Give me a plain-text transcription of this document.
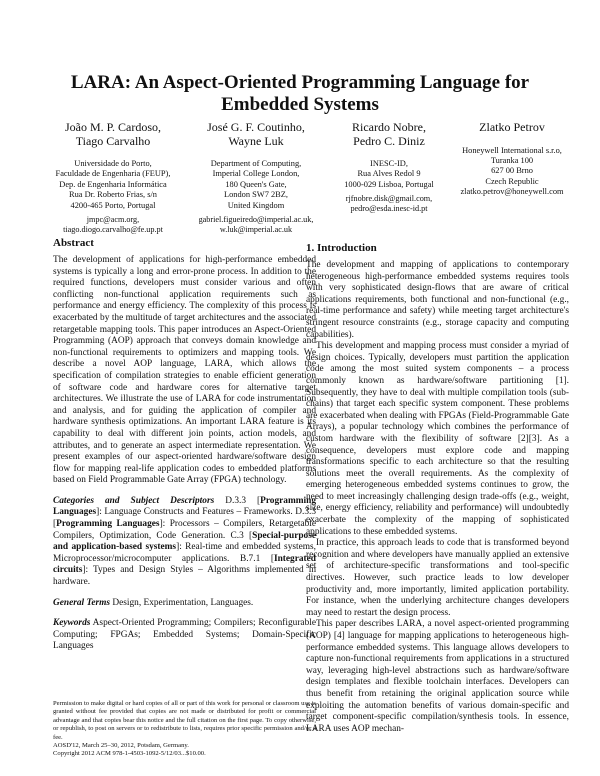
LARA: An Aspect-Oriented Programming Language for
Embedded Systems
João M. P. Cardoso,
Tiago Carvalho
Universidade do Porto,
Faculdade de Engenharia (FEUP),
Dep. de Engenharia Informática
Rua Dr. Roberto Frias, s/n
4200-465 Porto, Portugal
jmpc@acm.org,
tiago.diogo.carvalho@fe.up.pt
José G. F. Coutinho,
Wayne Luk
Department of Computing,
Imperial College London,
180 Queen's Gate,
London SW7 2BZ,
United Kingdom
gabriel.figueiredo@imperial.ac.uk,
w.luk@imperial.ac.uk
Ricardo Nobre,
Pedro C. Diniz
INESC-ID,
Rua Alves Redol 9
1000-029 Lisboa, Portugal
rjfnobre.disk@gmail.com,
pedro@esda.inesc-id.pt
Zlatko Petrov
Honeywell International s.r.o,
Turanka 100
627 00 Brno
Czech Republic
zlatko.petrov@honeywell.com
Abstract

The development of applications for high-performance embedded systems is typically a long and error-prone process. In addition to the required functions, developers must consider various and often conflicting non-functional application requirements such as performance and energy efficiency. The complexity of this process is exacerbated by the multitude of target architectures and the associated retargetable mapping tools. This paper introduces an Aspect-Oriented Programming (AOP) approach that conveys domain knowledge and non-functional requirements to optimizers and mapping tools. We describe a novel AOP language, LARA, which allows the specification of compilation strategies to enable efficient generation of software code and hardware cores for alternative target architectures. We illustrate the use of LARA for code instrumentation and analysis, and for guiding the application of compiler and hardware synthesis optimizations. An important LARA feature is its capability to deal with different join points, action models, and attributes, and to generate an aspect intermediate representation. We present examples of our aspect-oriented hardware/software design flow for mapping real-life application codes to embedded platforms based on Field Programmable Gate Array (FPGA) technology.

Categories and Subject Descriptors D.3.3 [Programming Languages]: Language Constructs and Features – Frameworks. D.3.3 [Programming Languages]: Processors – Compilers, Retargetable Compilers, Optimization, Code Generation. C.3 [Special-purpose and application-based systems]: Real-time and embedded systems, Microprocessor/microcomputer applications. B.7.1 [Integrated circuits]: Types and Design Styles – Algorithms implemented in hardware.

General Terms Design, Experimentation, Languages.

Keywords Aspect-Oriented Programming; Compilers; Reconfigurable Computing; FPGAs; Embedded Systems; Domain-Specific Languages

Permission to make digital or hard copies of all or part of this work for personal or classroom use is granted without fee provided that copies are not made or distributed for profit or commercial advantage and that copies bear this notice and the full citation on the first page. To copy otherwise, or republish, to post on servers or to redistribute to lists, requires prior specific permission and/or a fee.
AOSD'12, March 25–30, 2012, Potsdam, Germany.
Copyright 2012 ACM 978-1-4503-1092-5/12/03...$10.00.
1. Introduction

The development and mapping of applications to contemporary heterogeneous high-performance embedded systems requires tools with very sophisticated design-flows that are aware of critical applications requirements, both functional and non-functional (e.g., real-time performance and safety) while meeting target architecture's stringent resource constraints (e.g., storage capacity and computing capabilities).

This development and mapping process must consider a myriad of design choices. Typically, developers must partition the application code among the most suited system components – a process commonly known as hardware/software partitioning [1]. Subsequently, they have to deal with multiple compilation tools (sub-chains) that target each specific system component. These problems are exacerbated when dealing with FPGAs (Field-Programmable Gate Arrays), a popular technology which combines the performance of custom hardware with the flexibility of software [2][3]. As a consequence, developers must explore code and mapping transformations specific to each architecture so that the resulting solutions meet the overall requirements. As the complexity of emerging heterogeneous embedded systems continues to grow, the need to meet increasingly challenging design trade-offs (e.g., weight, size, energy efficiency, reliability and performance) will undoubtedly exacerbate the complexity of the mapping of sophisticated applications to these embedded systems.

In practice, this approach leads to code that is transformed beyond recognition and where developers have manually applied an extensive set of architecture-specific transformations and tool-specific directives. However, such practice leads to low developer productivity and, more importantly, limited application portability. For instance, when the underlying architecture changes developers may need to restart the design process.

This paper describes LARA, a novel aspect-oriented programming (AOP) [4] language for mapping applications to heterogeneous high-performance embedded systems. This language allows developers to capture non-functional requirements from applications in a structured way, leveraging high-level abstractions such as hardware/software design templates and flexible toolchain interfaces. Developers can thus benefit from retaining the original application source while exploiting the automation benefits of various domain-specific and target component-specific compilation/synthesis tools. In essence, LARA uses AOP mechan-
